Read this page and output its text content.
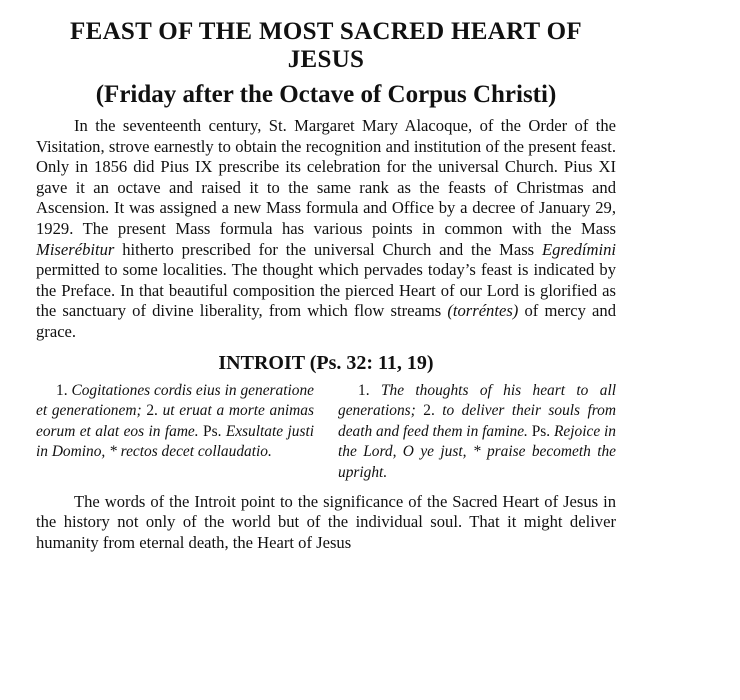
FEAST OF THE MOST SACRED HEART OF JESUS
(Friday after the Octave of Corpus Christi)

In the seventeenth century, St. Margaret Mary Alacoque, of the Order of the Visitation, strove earnestly to obtain the recognition and institution of the present feast. Only in 1856 did Pius IX prescribe its celebration for the universal Church. Pius XI gave it an octave and raised it to the same rank as the feasts of Christmas and Ascension. It was assigned a new Mass formula and Office by a decree of January 29, 1929. The present Mass formula has various points in common with the Mass Miserébitur hitherto prescribed for the universal Church and the Mass Egredímini permitted to some localities. The thought which pervades today’s feast is indicated by the Preface. In that beautiful composition the pierced Heart of our Lord is glorified as the sanctuary of divine liberality, from which flow streams (torréntes) of mercy and grace.

INTROIT (Ps. 32: 11, 19)
1. Cogitationes cordis eius in generatione et generationem; 2. ut eruat a morte animas eorum et alat eos in fame. Ps. Exsultate justi in Domino, * rectos decet collaudatio.
1. The thoughts of his heart to all generations; 2. to deliver their souls from death and feed them in famine. Ps. Rejoice in the Lord, O ye just, * praise becometh the upright.

The words of the Introit point to the significance of the Sacred Heart of Jesus in the history not only of the world but of the individual soul. That it might deliver humanity from eternal death, the Heart of Jesus
